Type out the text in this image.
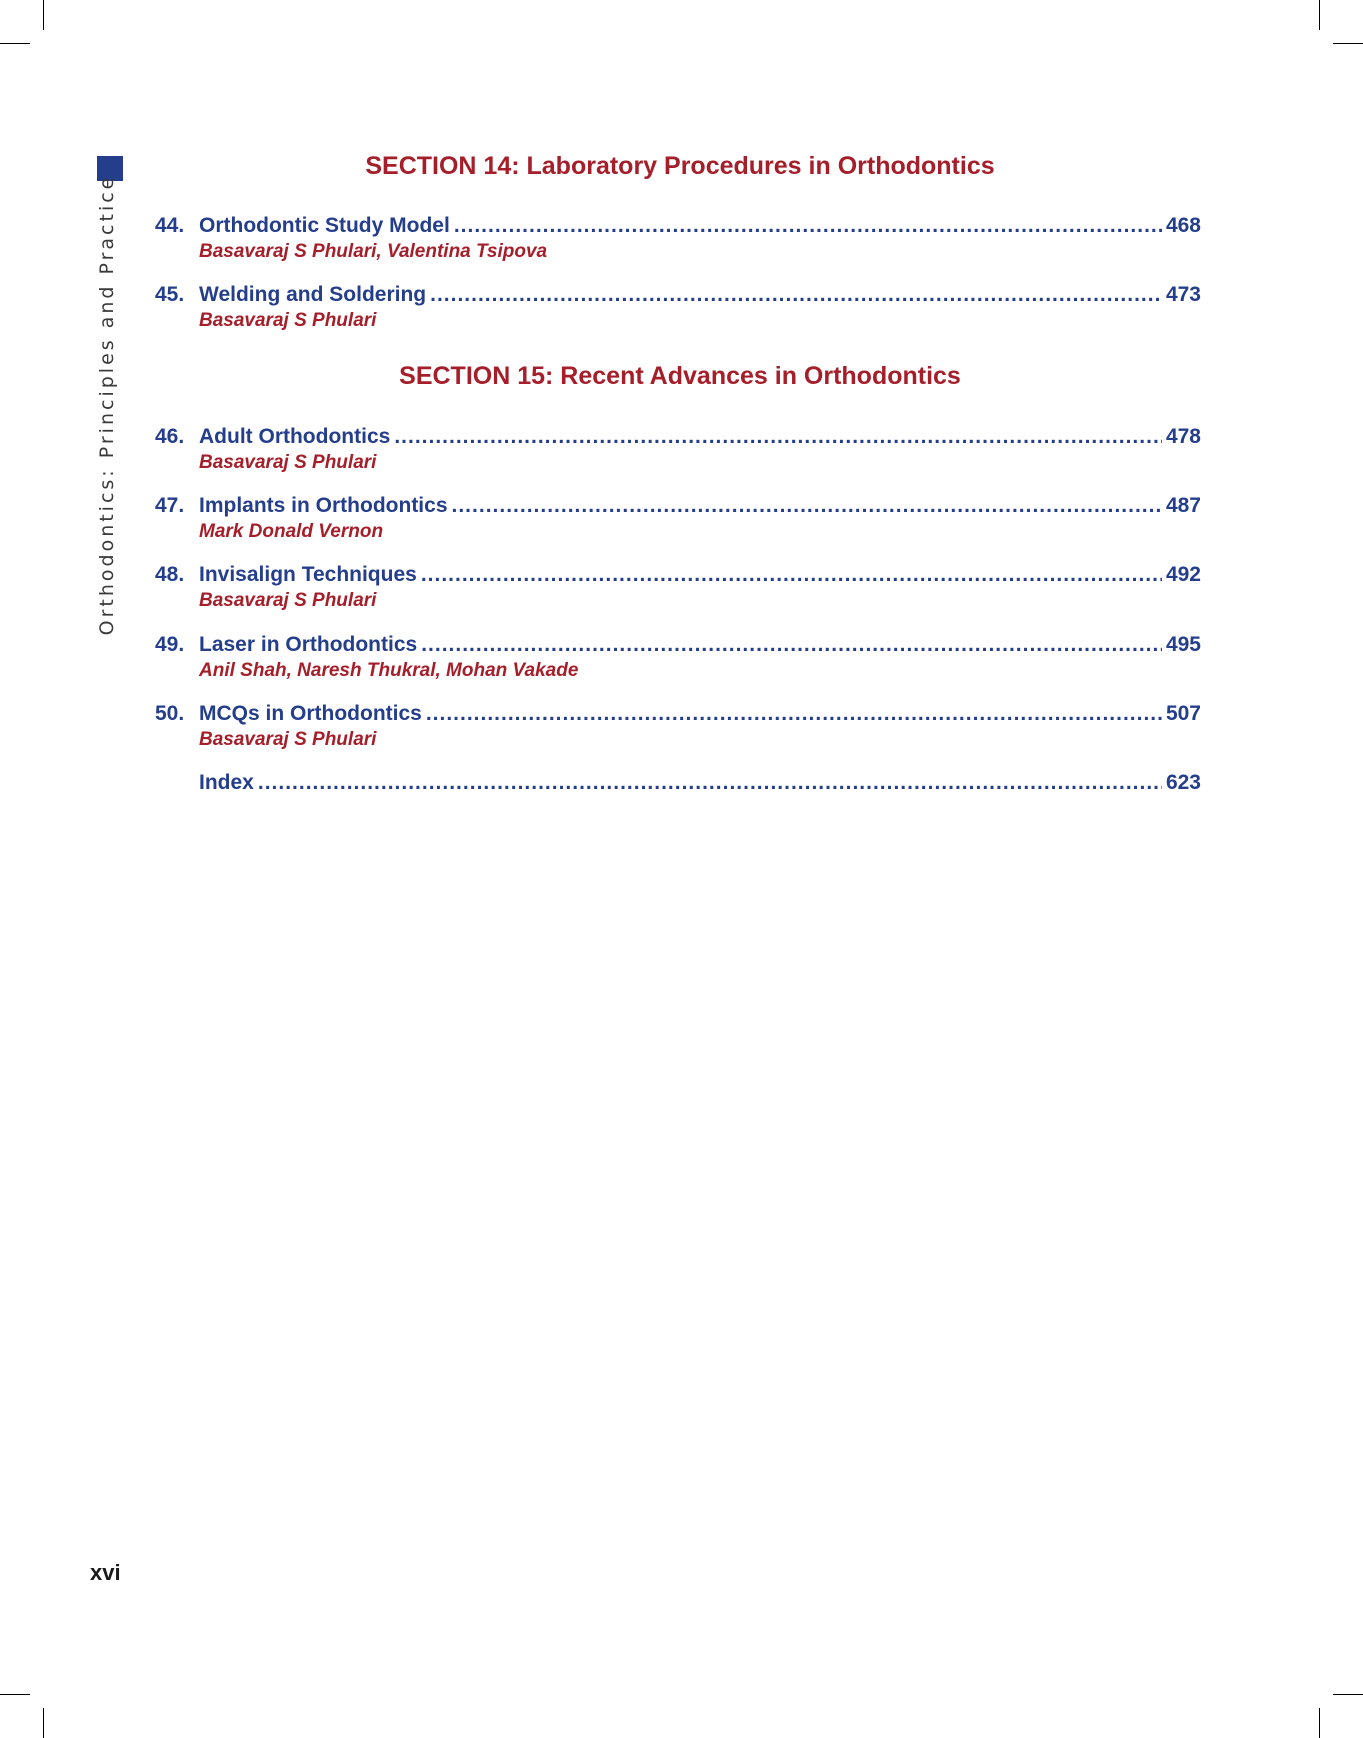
Orthodontics: Principles and Practice
SECTION 14: Laboratory Procedures in Orthodontics
44. Orthodontic Study Model .....	468
Basavaraj S Phulari, Valentina Tsipova
45. Welding and Soldering .....	473
Basavaraj S Phulari
SECTION 15: Recent Advances in Orthodontics
46. Adult Orthodontics .....	478
Basavaraj S Phulari
47. Implants in Orthodontics .....	487
Mark Donald Vernon
48. Invisalign Techniques .....	492
Basavaraj S Phulari
49. Laser in Orthodontics .....	495
Anil Shah, Naresh Thukral, Mohan Vakade
50. MCQs in Orthodontics .....	507
Basavaraj S Phulari
Index .....	623
xvi
